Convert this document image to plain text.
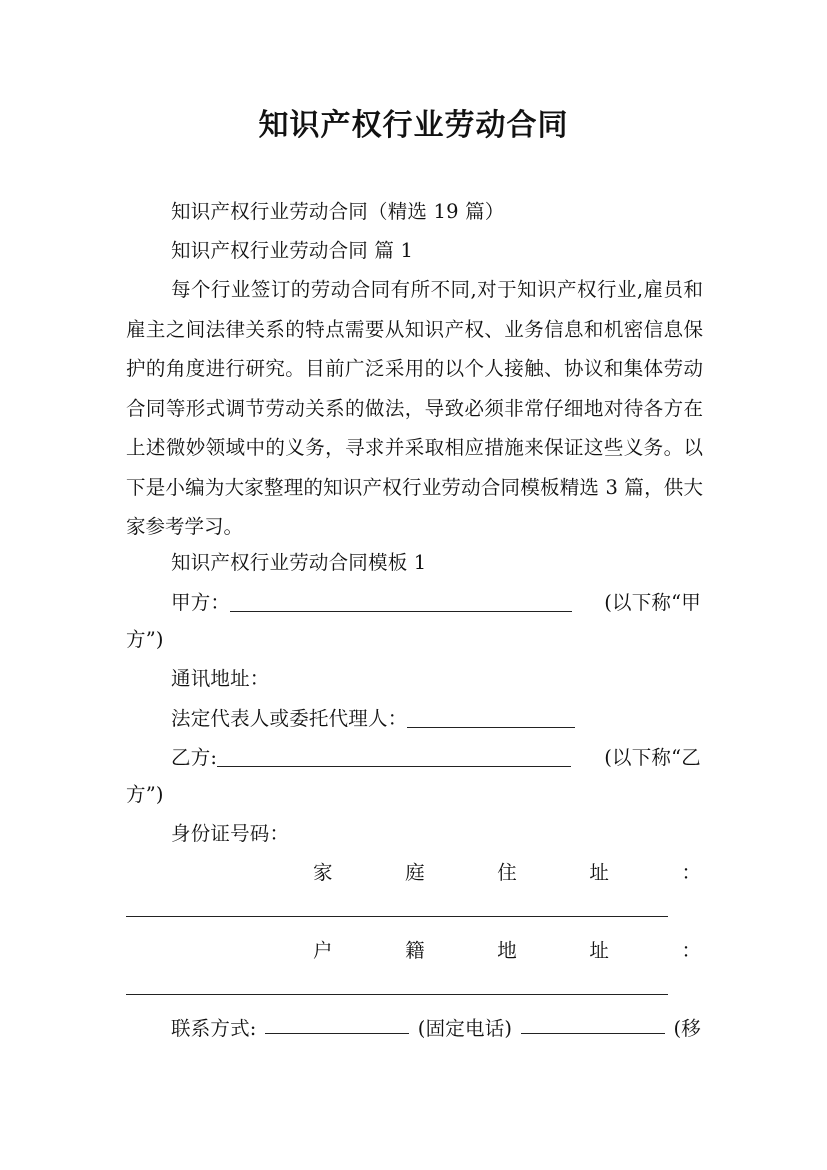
知识产权行业劳动合同
知识产权行业劳动合同（精选 19 篇）
知识产权行业劳动合同 篇 1
每个行业签订的劳动合同有所不同,对于知识产权行业,雇员和雇主之间法律关系的特点需要从知识产权、业务信息和机密信息保护的角度进行研究。目前广泛采用的以个人接触、协议和集体劳动合同等形式调节劳动关系的做法，导致必须非常仔细地对待各方在上述微妙领域中的义务，寻求并采取相应措施来保证这些义务。以下是小编为大家整理的知识产权行业劳动合同模板精选 3 篇，供大家参考学习。
知识产权行业劳动合同模板 1
甲方：	(以下称“甲
方”)
通讯地址：
法定代表人或委托代理人：
乙方:	(以下称“乙
方”)
身份证号码：
家	庭	住	址	：
户	籍	地	址	：
联系方式:	(固定电话)	(移
